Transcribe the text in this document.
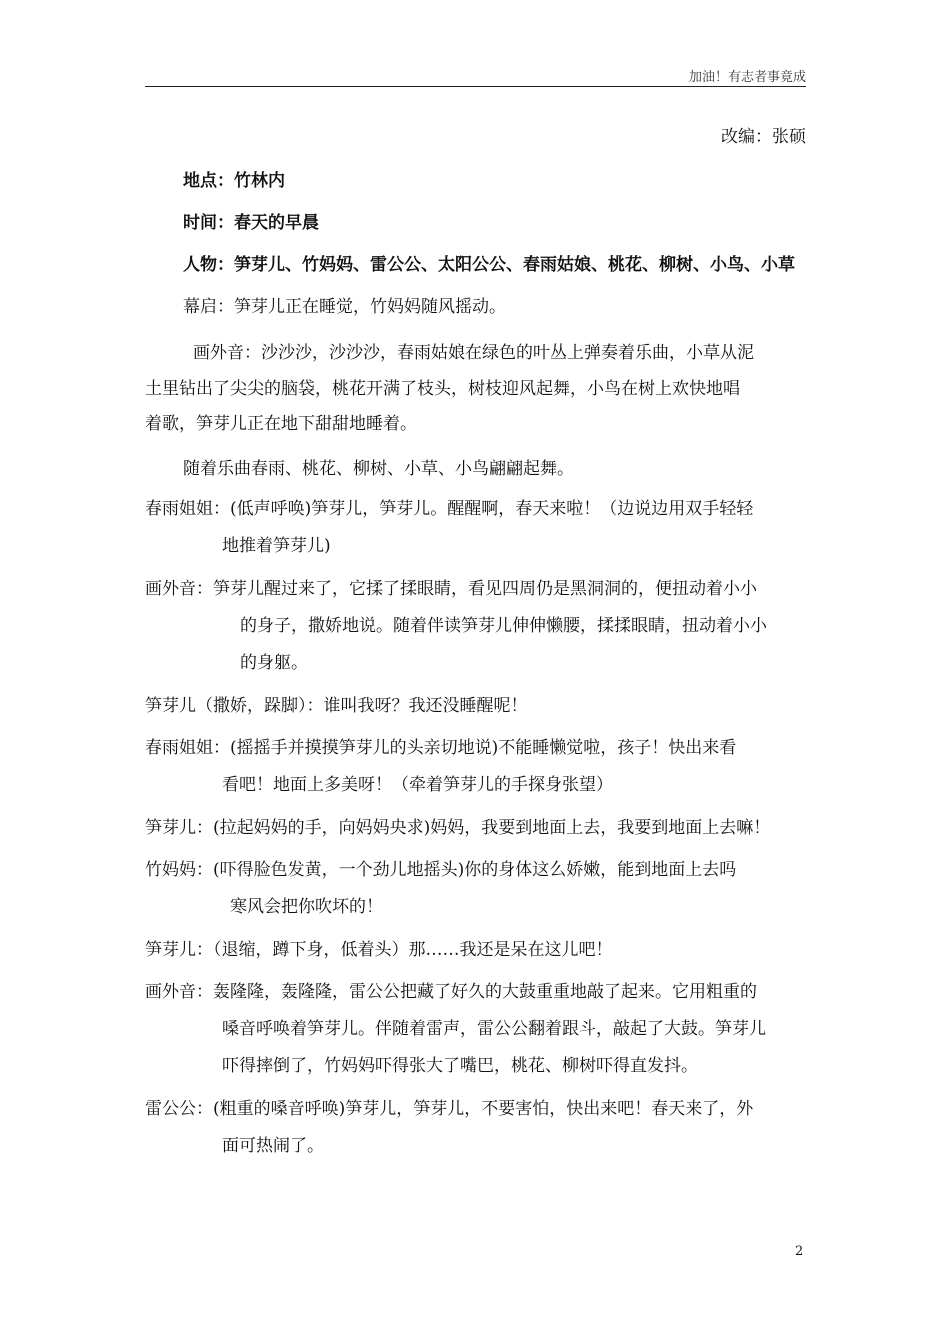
加油！有志者事竟成
改编：张硕
地点：竹林内
时间：春天的早晨
人物：笋芽儿、竹妈妈、雷公公、太阳公公、春雨姑娘、桃花、柳树、小鸟、小草
幕启：笋芽儿正在睡觉，竹妈妈随风摇动。
画外音：沙沙沙，沙沙沙，春雨姑娘在绿色的叶丛上弹奏着乐曲，小草从泥
土里钻出了尖尖的脑袋，桃花开满了枝头，树枝迎风起舞，小鸟在树上欢快地唱
着歌，笋芽儿正在地下甜甜地睡着。
随着乐曲春雨、桃花、柳树、小草、小鸟翩翩起舞。
春雨姐姐：(低声呼唤)笋芽儿，笋芽儿。醒醒啊，春天来啦！（边说边用双手轻轻
地推着笋芽儿)
画外音：笋芽儿醒过来了，它揉了揉眼睛，看见四周仍是黑洞洞的，便扭动着小小
的身子，撒娇地说。随着伴读笋芽儿伸伸懒腰，揉揉眼睛，扭动着小小
的身躯。
笋芽儿（撒娇，跺脚）：谁叫我呀？我还没睡醒呢！
春雨姐姐：(摇摇手并摸摸笋芽儿的头亲切地说)不能睡懒觉啦，孩子！快出来看
看吧！地面上多美呀！（牵着笋芽儿的手探身张望）
笋芽儿：(拉起妈妈的手，向妈妈央求)妈妈，我要到地面上去，我要到地面上去嘛！
竹妈妈：(吓得脸色发黄，一个劲儿地摇头)你的身体这么娇嫩，能到地面上去吗
寒风会把你吹坏的！
笋芽儿：（退缩，蹲下身，低着头）那……我还是呆在这儿吧！
画外音：轰隆隆，轰隆隆，雷公公把藏了好久的大鼓重重地敲了起来。它用粗重的
嗓音呼唤着笋芽儿。伴随着雷声，雷公公翻着跟斗，敲起了大鼓。笋芽儿
吓得摔倒了，竹妈妈吓得张大了嘴巴，桃花、柳树吓得直发抖。
雷公公：(粗重的嗓音呼唤)笋芽儿，笋芽儿，不要害怕，快出来吧！春天来了，外
面可热闹了。
2
